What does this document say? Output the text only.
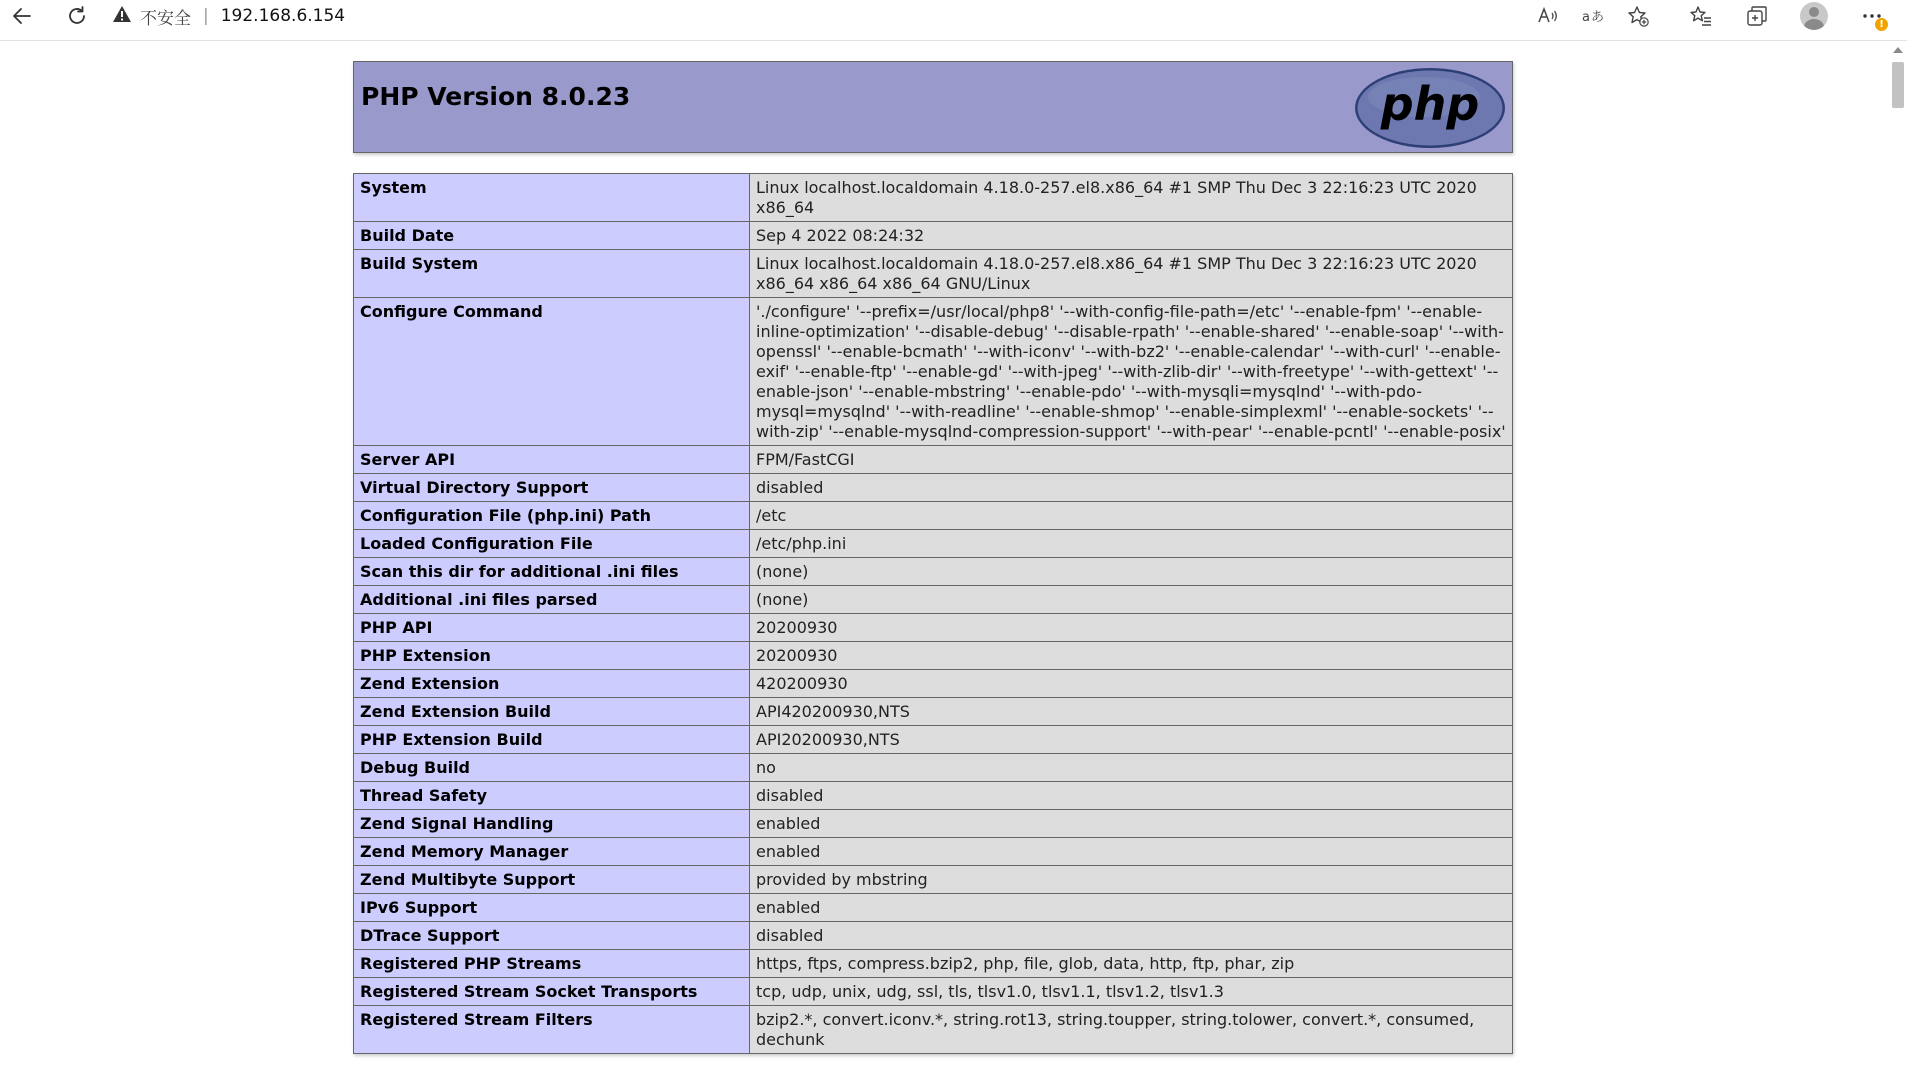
不安全 | 192.168.6.154	a あ	!
PHP Version 8.0.23	php
System	Linux localhost.localdomain 4.18.0-257.el8.x86_64 #1 SMP Thu Dec 3 22:16:23 UTC 2020 x86_64
Build Date	Sep 4 2022 08:24:32
Build System	Linux localhost.localdomain 4.18.0-257.el8.x86_64 #1 SMP Thu Dec 3 22:16:23 UTC 2020 x86_64 x86_64 x86_64 GNU/Linux
Configure Command	'./configure' '--prefix=/usr/local/php8' '--with-config-file-path=/etc' '--enable-fpm' '--enable-inline-optimization' '--disable-debug' '--disable-rpath' '--enable-shared' '--enable-soap' '--with-openssl' '--enable-bcmath' '--with-iconv' '--with-bz2' '--enable-calendar' '--with-curl' '--enable-exif' '--enable-ftp' '--enable-gd' '--with-jpeg' '--with-zlib-dir' '--with-freetype' '--with-gettext' '--enable-json' '--enable-mbstring' '--enable-pdo' '--with-mysqli=mysqlnd' '--with-pdo-mysql=mysqlnd' '--with-readline' '--enable-shmop' '--enable-simplexml' '--enable-sockets' '--with-zip' '--enable-mysqlnd-compression-support' '--with-pear' '--enable-pcntl' '--enable-posix'
Server API	FPM/FastCGI
Virtual Directory Support	disabled
Configuration File (php.ini) Path	/etc
Loaded Configuration File	/etc/php.ini
Scan this dir for additional .ini files	(none)
Additional .ini files parsed	(none)
PHP API	20200930
PHP Extension	20200930
Zend Extension	420200930
Zend Extension Build	API420200930,NTS
PHP Extension Build	API20200930,NTS
Debug Build	no
Thread Safety	disabled
Zend Signal Handling	enabled
Zend Memory Manager	enabled
Zend Multibyte Support	provided by mbstring
IPv6 Support	enabled
DTrace Support	disabled
Registered PHP Streams	https, ftps, compress.bzip2, php, file, glob, data, http, ftp, phar, zip
Registered Stream Socket Transports	tcp, udp, unix, udg, ssl, tls, tlsv1.0, tlsv1.1, tlsv1.2, tlsv1.3
Registered Stream Filters	bzip2.*, convert.iconv.*, string.rot13, string.toupper, string.tolower, convert.*, consumed, dechunk
